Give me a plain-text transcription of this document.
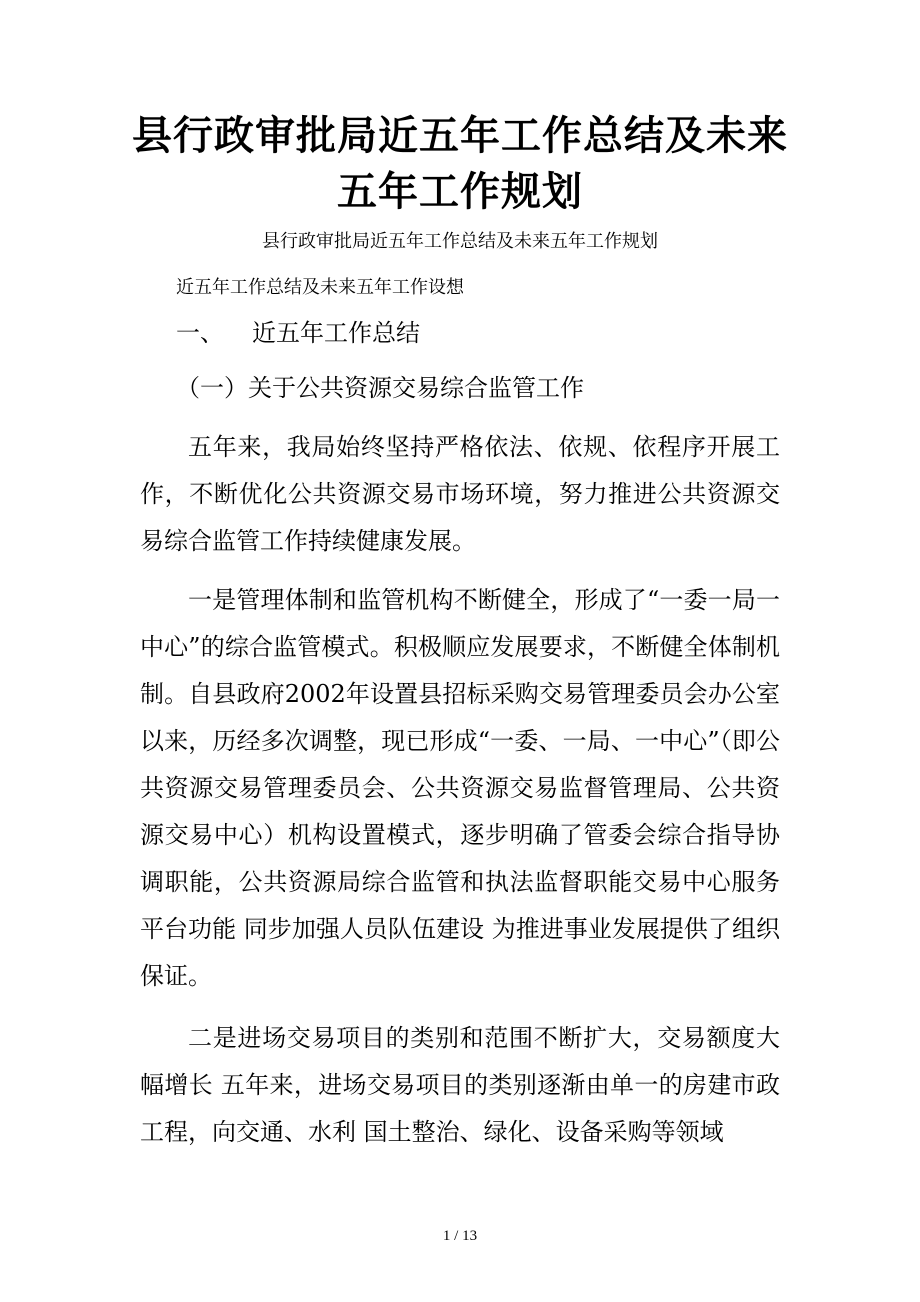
县行政审批局近五年工作总结及未来五年工作规划
县行政审批局近五年工作总结及未来五年工作规划
近五年工作总结及未来五年工作设想
一、 近五年工作总结
（一）关于公共资源交易综合监管工作
五年来，我局始终坚持严格依法、依规、依程序开展工作，不断优化公共资源交易市场环境，努力推进公共资源交易综合监管工作持续健康发展。
一是管理体制和监管机构不断健全，形成了“一委一局一中心”的综合监管模式。积极顺应发展要求，不断健全体制机制。自县政府2002年设置县招标采购交易管理委员会办公室以来，历经多次调整，现已形成“一委、一局、一中心”（即公共资源交易管理委员会、公共资源交易监督管理局、公共资源交易中心）机构设置模式，逐步明确了管委会综合指导协调职能，公共资源局综合监管和执法监督职能交易中心服务平台功能 同步加强人员队伍建设 为推进事业发展提供了组织保证。
二是进场交易项目的类别和范围不断扩大，交易额度大幅增长 五年来，进场交易项目的类别逐渐由单一的房建市政工程，向交通、水利 国土整治、绿化、设备采购等领域
1 / 13
